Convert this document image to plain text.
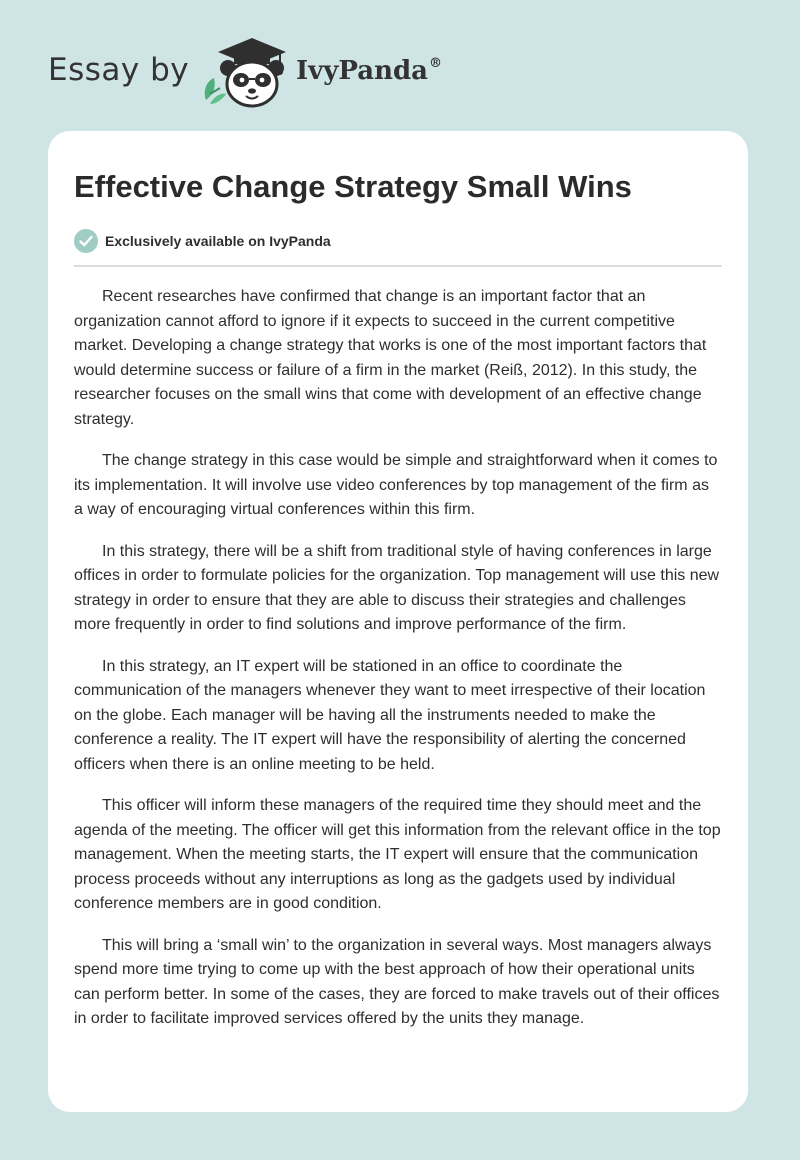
Essay by	IvyPanda®
Effective Change Strategy Small Wins
Exclusively available on IvyPanda

Recent researches have confirmed that change is an important factor that an organization cannot afford to ignore if it expects to succeed in the current competitive market. Developing a change strategy that works is one of the most important factors that would determine success or failure of a firm in the market (Reiß, 2012). In this study, the researcher focuses on the small wins that come with development of an effective change strategy.

The change strategy in this case would be simple and straightforward when it comes to its implementation. It will involve use video conferences by top management of the firm as a way of encouraging virtual conferences within this firm.

In this strategy, there will be a shift from traditional style of having conferences in large offices in order to formulate policies for the organization. Top management will use this new strategy in order to ensure that they are able to discuss their strategies and challenges more frequently in order to find solutions and improve performance of the firm.

In this strategy, an IT expert will be stationed in an office to coordinate the communication of the managers whenever they want to meet irrespective of their location on the globe. Each manager will be having all the instruments needed to make the conference a reality. The IT expert will have the responsibility of alerting the concerned officers when there is an online meeting to be held.

This officer will inform these managers of the required time they should meet and the agenda of the meeting. The officer will get this information from the relevant office in the top management. When the meeting starts, the IT expert will ensure that the communication process proceeds without any interruptions as long as the gadgets used by individual conference members are in good condition.

This will bring a ‘small win’ to the organization in several ways. Most managers always spend more time trying to come up with the best approach of how their operational units can perform better. In some of the cases, they are forced to make travels out of their offices in order to facilitate improved services offered by the units they manage.
